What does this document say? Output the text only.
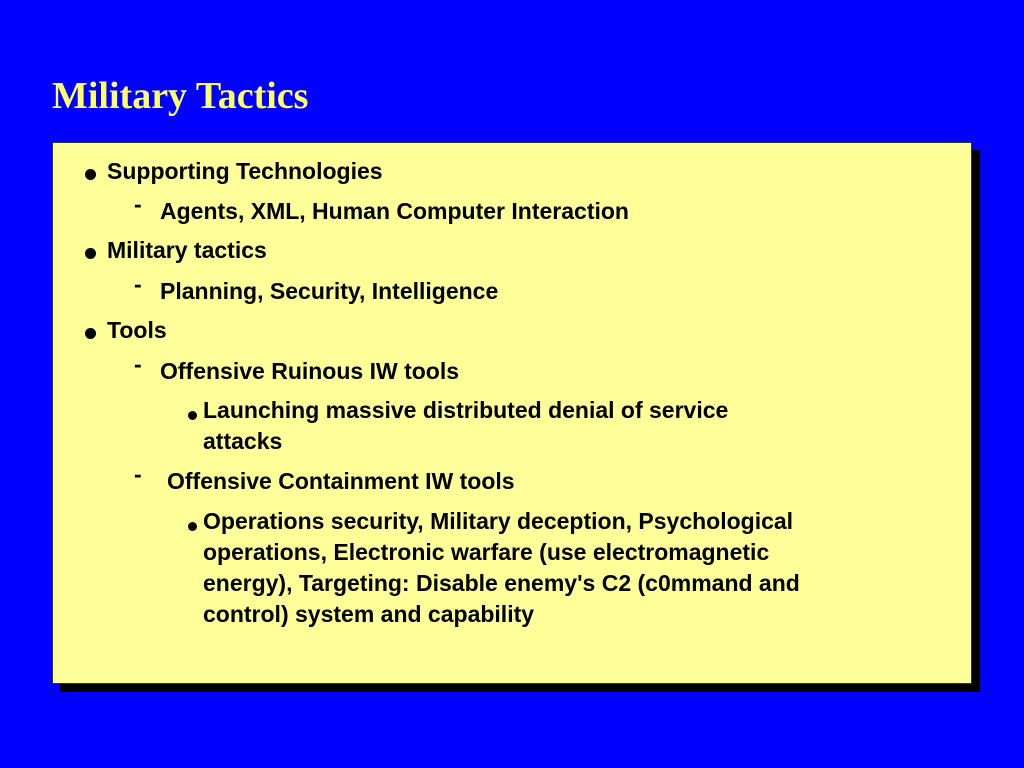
Military Tactics
Supporting Technologies
- Agents, XML, Human Computer Interaction
Military tactics
- Planning, Security, Intelligence
Tools
- Offensive Ruinous IW tools
Launching massive distributed denial of service
attacks
- Offensive Containment IW tools
Operations security, Military deception, Psychological
operations, Electronic warfare (use electromagnetic
energy), Targeting: Disable enemy's C2 (c0mmand and
control) system and capability
